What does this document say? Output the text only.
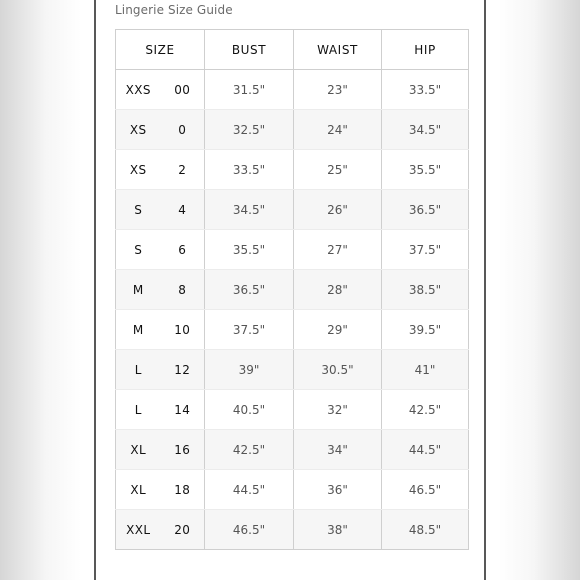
Lingerie Size Guide
SIZE		BUST	WAIST	HIP
XXS	00	31.5"	23"	33.5"
XS	0	32.5"	24"	34.5"
XS	2	33.5"	25"	35.5"
S	4	34.5"	26"	36.5"
S	6	35.5"	27"	37.5"
M	8	36.5"	28"	38.5"
M	10	37.5"	29"	39.5"
L	12	39"	30.5"	41"
L	14	40.5"	32"	42.5"
XL	16	42.5"	34"	44.5"
XL	18	44.5"	36"	46.5"
XXL	20	46.5"	38"	48.5"
